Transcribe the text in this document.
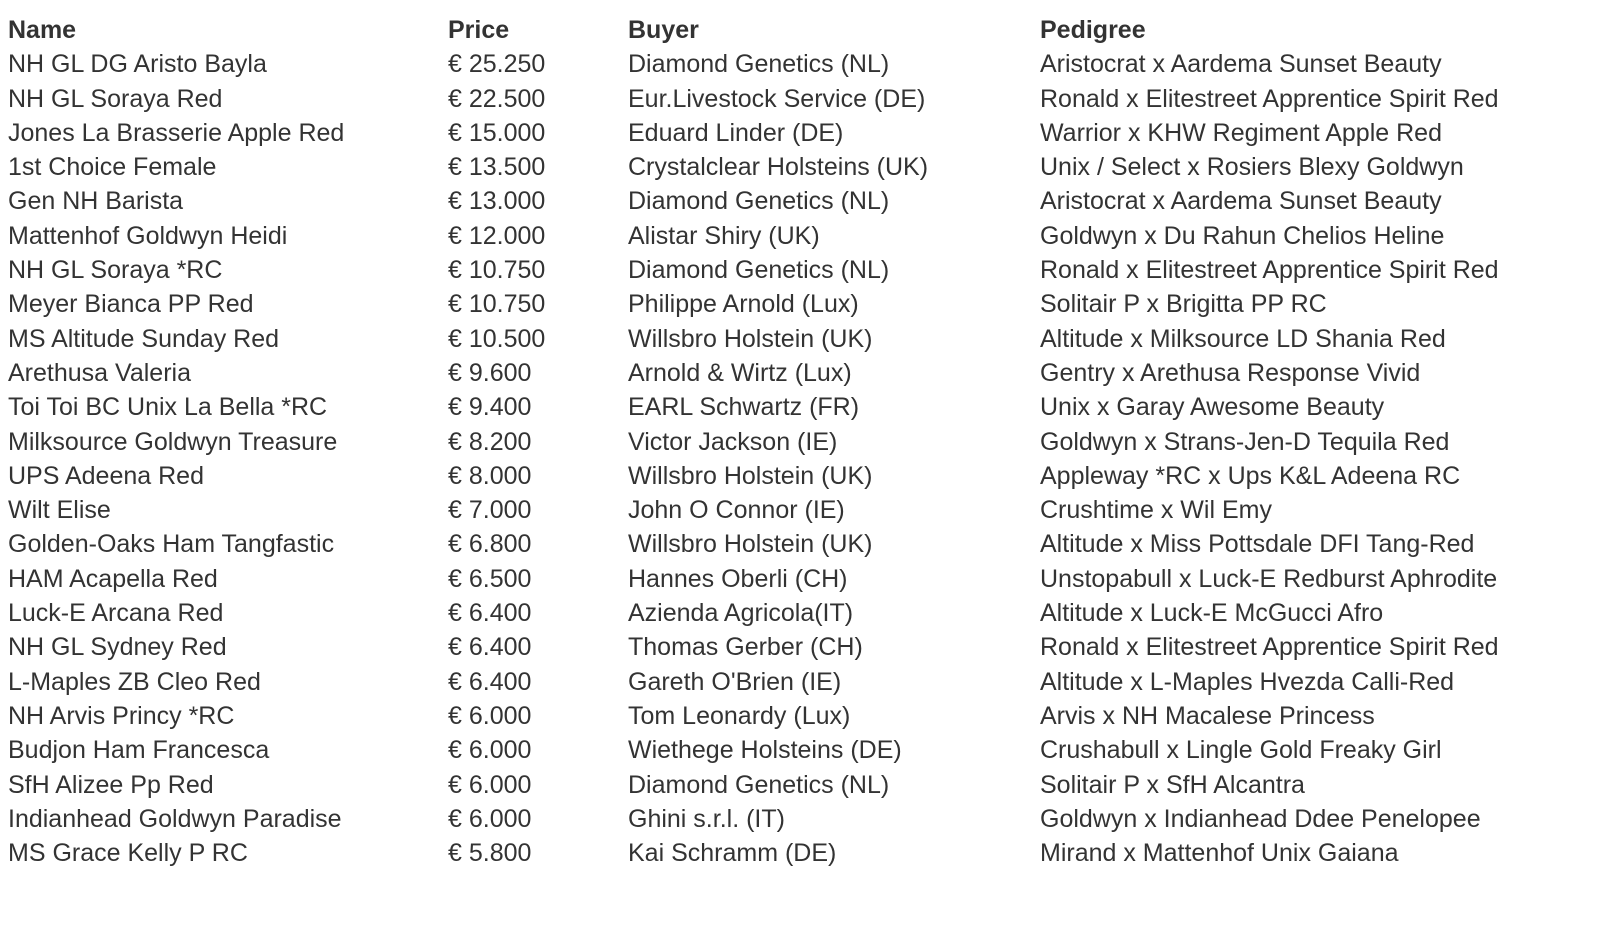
Name	Price	Buyer	Pedigree
NH GL DG Aristo Bayla	€ 25.250	Diamond Genetics (NL)	Aristocrat x Aardema Sunset Beauty
NH GL Soraya Red	€ 22.500	Eur.Livestock Service (DE)	Ronald x Elitestreet Apprentice Spirit Red
Jones La Brasserie Apple Red	€ 15.000	Eduard Linder (DE)	Warrior x KHW Regiment Apple Red
1st Choice Female	€ 13.500	Crystalclear Holsteins (UK)	Unix / Select x Rosiers Blexy Goldwyn
Gen NH Barista	€ 13.000	Diamond Genetics (NL)	Aristocrat x Aardema Sunset Beauty
Mattenhof Goldwyn Heidi	€ 12.000	Alistar Shiry (UK)	Goldwyn x Du Rahun Chelios Heline
NH GL Soraya *RC	€ 10.750	Diamond Genetics (NL)	Ronald x Elitestreet Apprentice Spirit Red
Meyer Bianca PP Red	€ 10.750	Philippe Arnold (Lux)	Solitair P x Brigitta PP RC
MS Altitude Sunday Red	€ 10.500	Willsbro Holstein (UK)	Altitude x Milksource LD Shania Red
Arethusa Valeria	€ 9.600	Arnold & Wirtz (Lux)	Gentry x Arethusa Response Vivid
Toi Toi BC Unix La Bella *RC	€ 9.400	EARL Schwartz (FR)	Unix x Garay Awesome Beauty
Milksource Goldwyn Treasure	€ 8.200	Victor Jackson (IE)	Goldwyn x Strans-Jen-D Tequila Red
UPS Adeena Red	€ 8.000	Willsbro Holstein (UK)	Appleway *RC x Ups K&L Adeena RC
Wilt Elise	€ 7.000	John O Connor (IE)	Crushtime x Wil Emy
Golden-Oaks Ham Tangfastic	€ 6.800	Willsbro Holstein (UK)	Altitude x Miss Pottsdale DFI Tang-Red
HAM Acapella Red	€ 6.500	Hannes Oberli (CH)	Unstopabull x Luck-E Redburst Aphrodite
Luck-E Arcana Red	€ 6.400	Azienda Agricola(IT)	Altitude x Luck-E McGucci Afro
NH GL Sydney Red	€ 6.400	Thomas Gerber (CH)	Ronald x Elitestreet Apprentice Spirit Red
L-Maples ZB Cleo Red	€ 6.400	Gareth O'Brien (IE)	Altitude x L-Maples Hvezda Calli-Red
NH Arvis Princy *RC	€ 6.000	Tom Leonardy (Lux)	Arvis x NH Macalese Princess
Budjon Ham Francesca	€ 6.000	Wiethege Holsteins (DE)	Crushabull x Lingle Gold Freaky Girl
SfH Alizee Pp Red	€ 6.000	Diamond Genetics (NL)	Solitair P x SfH Alcantra
Indianhead Goldwyn Paradise	€ 6.000	Ghini s.r.l. (IT)	Goldwyn x Indianhead Ddee Penelopee
MS Grace Kelly P RC	€ 5.800	Kai Schramm (DE)	Mirand x Mattenhof Unix Gaiana
